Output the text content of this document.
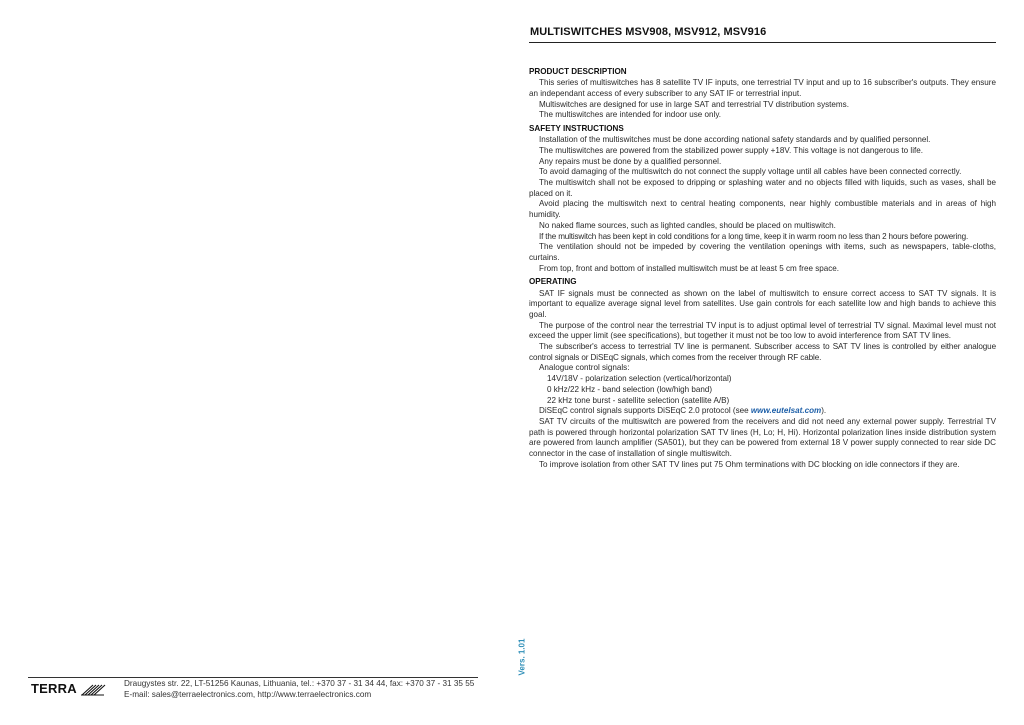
MULTISWITCHES MSV908, MSV912, MSV916
PRODUCT DESCRIPTION

This series of multiswitches has 8 satellite TV IF inputs, one terrestrial TV input and up to 16 subscriber's outputs. They ensure an independant access of every subscriber to any SAT IF or terrestrial input.

Multiswitches are designed for use in large SAT and terrestrial TV distribution systems.

The multiswitches are intended for indoor use only.

SAFETY INSTRUCTIONS

Installation of the multiswitches must be done according national safety standards and by qualified personnel.

The multiswitches are powered from the stabilized power supply +18V. This voltage is not dangerous to life.

Any repairs must be done by a qualified personnel.

To avoid damaging of the multiswitch do not connect the supply voltage until all cables have been connected correctly.

The multiswitch shall not be exposed to dripping or splashing water and no objects filled with liquids, such as vases, shall be placed on it.

Avoid placing the multiswitch next to central heating components, near highly combustible materials and in areas of high humidity.

No naked flame sources, such as lighted candles, should be placed on multiswitch.

If the multiswitch has been kept in cold conditions for a long time, keep it in warm room no less than 2 hours before powering.

The ventilation should not be impeded by covering the ventilation openings with items, such as newspapers, table-cloths, curtains.

From top, front and bottom of installed multiswitch must be at least 5 cm free space.

OPERATING

SAT IF signals must be connected as shown on the label of multiswitch to ensure correct access to SAT TV signals. It is important to equalize average signal level from satellites. Use gain controls for each satellite low and high bands to achieve this goal.

The purpose of the control near the terrestrial TV input is to adjust optimal level of terrestrial TV signal. Maximal level must not exceed the upper limit (see specifications), but together it must not be too low to avoid interference from SAT TV lines.

The subscriber's access to terrestrial TV line is permanent. Subscriber access to SAT TV lines is controlled by either analogue control signals or DiSEqC signals, which comes from the receiver through RF cable.

Analogue control signals:

14V/18V - polarization selection (vertical/horizontal)

0 kHz/22 kHz - band selection (low/high band)

22 kHz tone burst - satellite selection (satellite A/B)

DiSEqC control signals supports DiSEqC 2.0 protocol (see www.eutelsat.com).

SAT TV circuits of the multiswitch are powered from the receivers and did not need any external power supply. Terrestrial TV path is powered through horizontal polarization SAT TV lines (H, Lo; H, Hi). Horizontal polarization lines inside distribution system are powered from launch amplifier (SA501), but they can be powered from external 18 V power supply connected to rear side DC connector in the case of installation of single multiswitch.

To improve isolation from other SAT TV lines put 75 Ohm terminations with DC blocking on idle connectors if they are.

Vers. 1.01
TERRA	Draugystes str. 22, LT-51256 Kaunas, Lithuania, tel.: +370 37 - 31 34 44, fax: +370 37 - 31 35 55
E-mail: sales@terraelectronics.com, http://www.terraelectronics.com
